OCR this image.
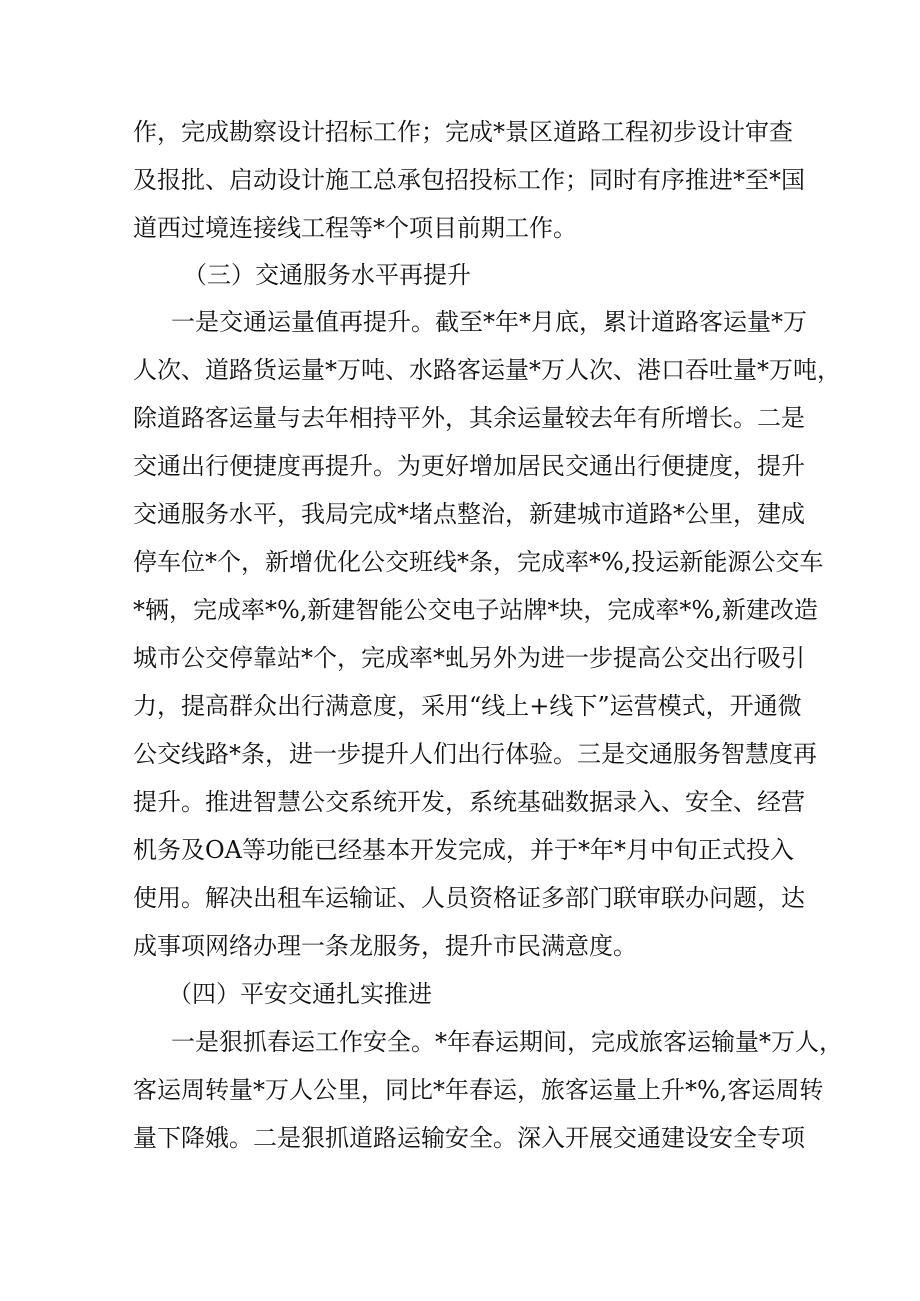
作，完成勘察设计招标工作；完成*景区道路工程初步设计审查
及报批、启动设计施工总承包招投标工作；同时有序推进*至*国
道西过境连接线工程等*个项目前期工作。
（三）交通服务水平再提升
一是交通运量值再提升。截至*年*月底，累计道路客运量*万
人次、道路货运量*万吨、水路客运量*万人次、港口吞吐量*万吨，
除道路客运量与去年相持平外，其余运量较去年有所增长。二是
交通出行便捷度再提升。为更好增加居民交通出行便捷度，提升
交通服务水平，我局完成*堵点整治，新建城市道路*公里，建成
停车位*个，新增优化公交班线*条，完成率*%,投运新能源公交车
*辆，完成率*%,新建智能公交电子站牌*块，完成率*%,新建改造
城市公交停靠站*个，完成率*虬另外为进一步提高公交出行吸引
力，提高群众出行满意度，采用“线上+线下”运营模式，开通微
公交线路*条，进一步提升人们出行体验。三是交通服务智慧度再
提升。推进智慧公交系统开发，系统基础数据录入、安全、经营
机务及OA等功能已经基本开发完成，并于*年*月中旬正式投入
使用。解决出租车运输证、人员资格证多部门联审联办问题，达
成事项网络办理一条龙服务，提升市民满意度。
（四）平安交通扎实推进
一是狠抓春运工作安全。*年春运期间，完成旅客运输量*万人，
客运周转量*万人公里，同比*年春运，旅客运量上升*%,客运周转
量下降娥。二是狠抓道路运输安全。深入开展交通建设安全专项
